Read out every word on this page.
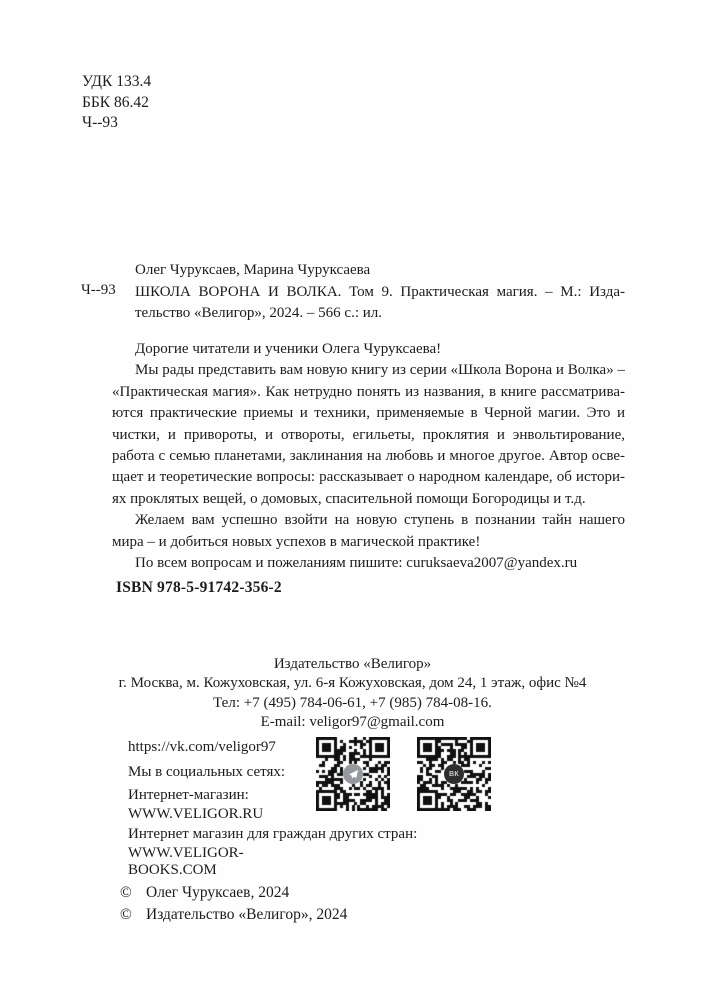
УДК 133.4
ББК 86.42
Ч--93
Ч--93
Олег Чуруксаев, Марина Чуруксаева
ШКОЛА ВОРОНА И ВОЛКА. Том 9. Практическая магия. – М.: Изда-
тельство «Велигор», 2024. – 566 с.: ил.
Дорогие читатели и ученики Олега Чуруксаева!
Мы рады представить вам новую книгу из серии «Школа Ворона и Волка» –
«Практическая магия». Как нетрудно понять из названия, в книге рассматрива-
ются практические приемы и техники, применяемые в Черной магии. Это и
чистки, и привороты, и отвороты, егильеты, проклятия и энвольтирование,
работа с семью планетами, заклинания на любовь и многое другое. Автор осве-
щает и теоретические вопросы: рассказывает о народном календаре, об истори-
ях проклятых вещей, о домовых, спасительной помощи Богородицы и т.д.
Желаем вам успешно взойти на новую ступень в познании тайн нашего
мира – и добиться новых успехов в магической практике!
По всем вопросам и пожеланиям пишите: curuksaeva2007@yandex.ru
ISBN 978-5-91742-356-2
Издательство «Велигор»
г. Москва, м. Кожуховская, ул. 6-я Кожуховская, дом 24, 1 этаж, офис №4
Тел: +7 (495) 784-06-61, +7 (985) 784-08-16.
E-mail: veligor97@gmail.com
https://vk.com/veligor97
Мы в социальных сетях:
Интернет-магазин:
WWW.VELIGOR.RU
Интернет магазин для граждан других стран:
WWW.VELIGOR-BOOKS.COM
ВК
© Олег Чуруксаев, 2024
© Издательство «Велигор», 2024
